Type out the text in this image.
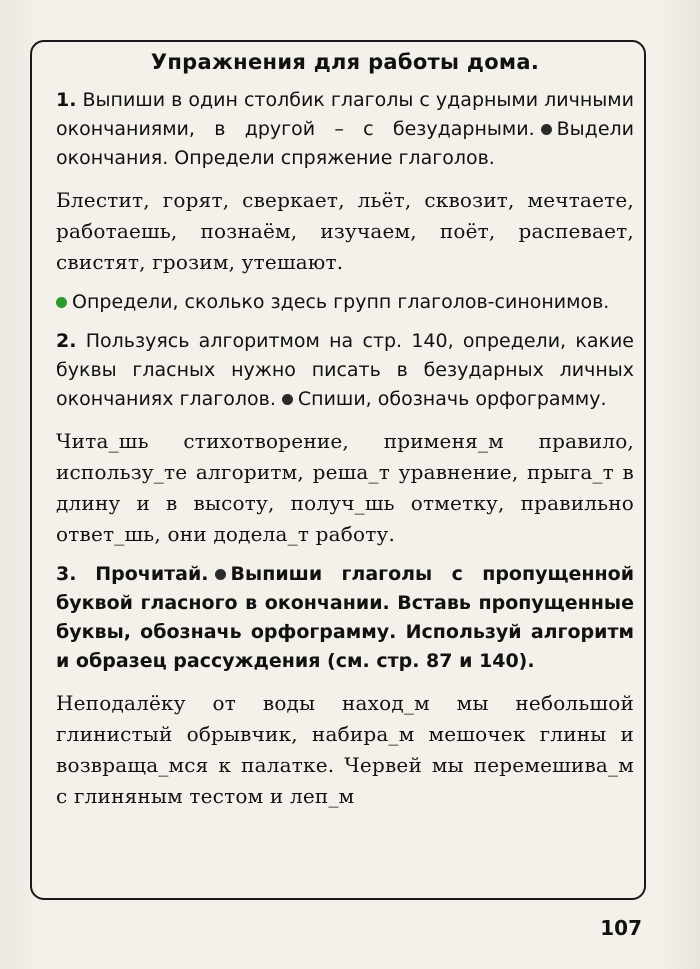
Упражнения для работы дома.

1. Выпиши в один столбик глаголы с ударными личными окончаниями, в другой – с безударными. Выдели окончания. Определи спряжение глаголов.

Блестит, горят, сверкает, льёт, сквозит, мечтаете, работаешь, познаём, изучаем, поёт, распевает, свистят, грозим, утешают.

Определи, сколько здесь групп глаголов-синонимов.

2. Пользуясь алгоритмом на стр. 140, определи, какие буквы гласных нужно писать в безударных личных окончаниях глаголов. Спиши, обозначь орфограмму.

Чита_шь стихотворение, применя_м правило, использу_те алгоритм, реша_т уравнение, прыга_т в длину и в высоту, получ_шь отметку, правильно ответ_шь, они додела_т работу.

3. Прочитай. Выпиши глаголы с пропущенной буквой гласного в окончании. Вставь пропущенные буквы, обозначь орфограмму. Используй алгоритм и образец рассуждения (см. стр. 87 и 140).

Неподалёку от воды наход_м мы небольшой глинистый обрывчик, набира_м мешочек глины и возвраща_мся к палатке. Червей мы перемешива_м с глиняным тестом и леп_м

107
